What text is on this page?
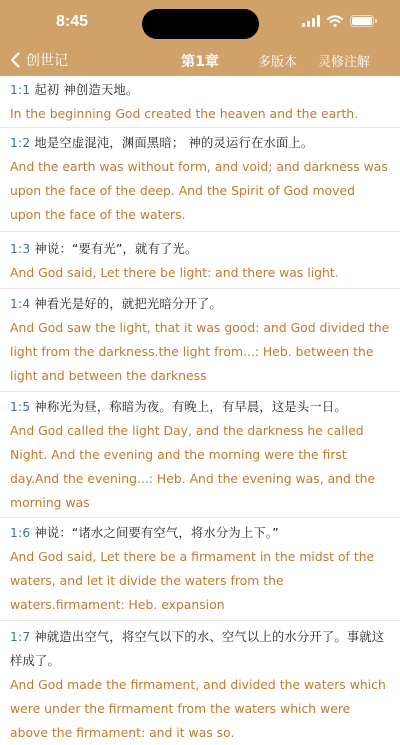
8:45
创世记	第1章	多版本 灵修注解
1:1 起初 神创造天地。
In the beginning God created the heaven and the earth.
1:2 地是空虚混沌，渊面黑暗； 神的灵运行在水面上。
And the earth was without form, and void; and darkness was upon the face of the deep. And the Spirit of God moved upon the face of the waters.
1:3 神说：“要有光”，就有了光。
And God said, Let there be light: and there was light.
1:4 神看光是好的，就把光暗分开了。
And God saw the light, that it was good: and God divided the light from the darkness.the light from...: Heb. between the light and between the darkness
1:5 神称光为昼，称暗为夜。有晚上，有早晨，这是头一日。
And God called the light Day, and the darkness he called Night. And the evening and the morning were the first day.And the evening...: Heb. And the evening was, and the morning was
1:6 神说：“诸水之间要有空气，将水分为上下。”
And God said, Let there be a firmament in the midst of the waters, and let it divide the waters from the waters.firmament: Heb. expansion
1:7 神就造出空气，将空气以下的水、空气以上的水分开了。事就这样成了。
And God made the firmament, and divided the waters which were under the firmament from the waters which were above the firmament: and it was so.
